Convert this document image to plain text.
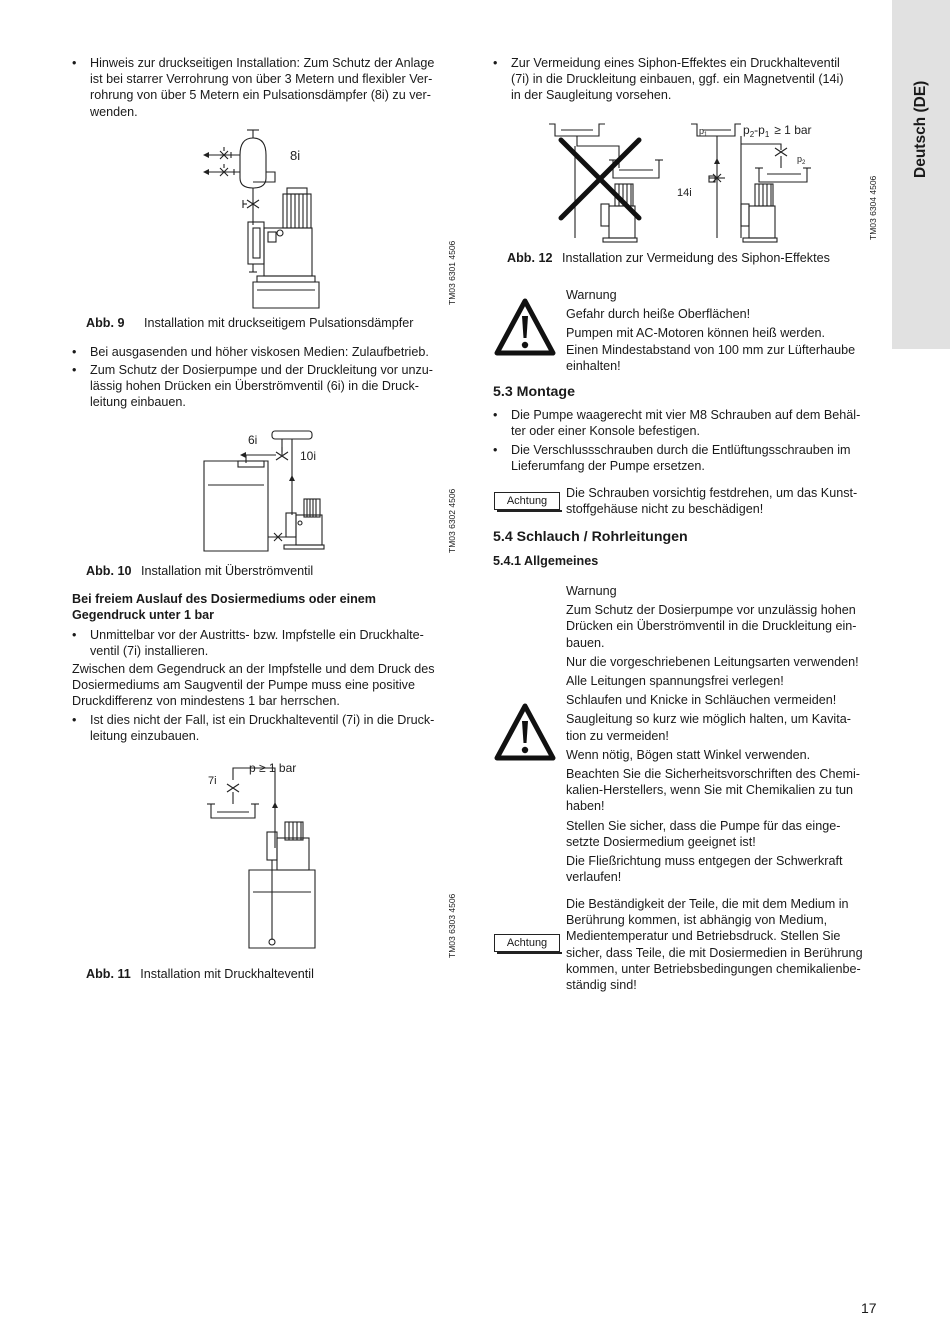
Deutsch (DE)
• Hinweis zur druckseitigen Installation: Zum Schutz der Anlage
ist bei starrer Verrohrung von über 3 Metern und flexibler Ver-
rohrung von über 5 Metern ein Pulsationsdämpfer (8i) zu ver-
wenden.
8i
TM03 6301 4506
Abb. 9 Installation mit druckseitigem Pulsationsdämpfer
• Bei ausgasenden und höher viskosen Medien: Zulaufbetrieb.
• Zum Schutz der Dosierpumpe und der Druckleitung vor unzu-
lässig hohen Drücken ein Überströmventil (6i) in die Druck-
leitung einbauen.
6i
10i
TM03 6302 4506
Abb. 10 Installation mit Überströmventil
Bei freiem Auslauf des Dosiermediums oder einem
Gegendruck unter 1 bar
• Unmittelbar vor der Austritts- bzw. Impfstelle ein Druckhalte-
ventil (7i) installieren.
Zwischen dem Gegendruck an der Impfstelle und dem Druck des
Dosiermediums am Saugventil der Pumpe muss eine positive
Druckdifferenz von mindestens 1 bar herrschen.
• Ist dies nicht der Fall, ist ein Druckhalteventil (7i) in die Druck-
leitung einzubauen.
p ≥ 1 bar
7i
TM03 6303 4506
Abb. 11 Installation mit Druckhalteventil
• Zur Vermeidung eines Siphon-Effektes ein Druckhalteventil
(7i) in die Druckleitung einbauen, ggf. ein Magnetventil (14i)
in der Saugleitung vorsehen.
$p_1$	$p_2-p_1 \ge 1$ bar
$p_2$
14i	TM03 6304 4506
Abb. 12 Installation zur Vermeidung des Siphon-Effektes
Warnung
Gefahr durch heiße Oberflächen!
Pumpen mit AC-Motoren können heiß werden.
Einen Mindestabstand von 100 mm zur Lüfterhaube
einhalten!
5.3 Montage
• Die Pumpe waagerecht mit vier M8 Schrauben auf dem Behäl-
ter oder einer Konsole befestigen.
• Die Verschlussschrauben durch die Entlüftungsschrauben im
Lieferumfang der Pumpe ersetzen.
Achtung
Die Schrauben vorsichtig festdrehen, um das Kunst-
stoffgehäuse nicht zu beschädigen!
5.4 Schlauch / Rohrleitungen
5.4.1 Allgemeines
Warnung
Zum Schutz der Dosierpumpe vor unzulässig hohen
Drücken ein Überströmventil in die Druckleitung ein-
bauen.
Nur die vorgeschriebenen Leitungsarten verwenden!
Alle Leitungen spannungsfrei verlegen!
Schlaufen und Knicke in Schläuchen vermeiden!
Saugleitung so kurz wie möglich halten, um Kavita-
tion zu vermeiden!
Wenn nötig, Bögen statt Winkel verwenden.
Beachten Sie die Sicherheitsvorschriften des Chemi-
kalien-Herstellers, wenn Sie mit Chemikalien zu tun
haben!
Stellen Sie sicher, dass die Pumpe für das einge-
setzte Dosiermedium geeignet ist!
Die Fließrichtung muss entgegen der Schwerkraft
verlaufen!
Achtung
Die Beständigkeit der Teile, die mit dem Medium in
Berührung kommen, ist abhängig von Medium,
Medientemperatur und Betriebsdruck. Stellen Sie
sicher, dass Teile, die mit Dosiermedien in Berührung
kommen, unter Betriebsbedingungen chemikalienbe-
ständig sind!
17
